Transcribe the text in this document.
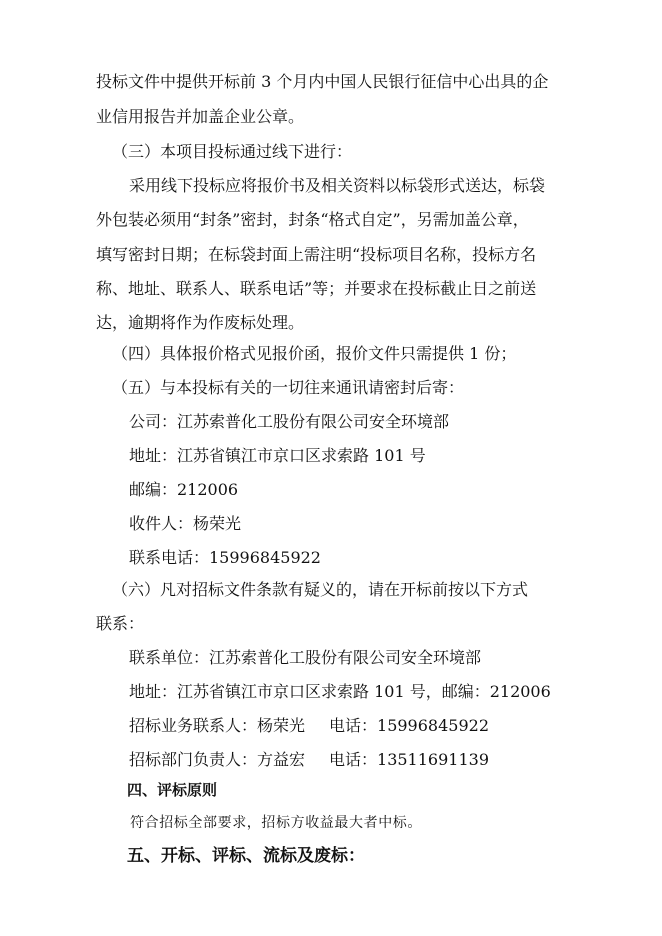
投标文件中提供开标前 3 个月内中国人民银行征信中心出具的企
业信用报告并加盖企业公章。
（三）本项目投标通过线下进行：
采用线下投标应将报价书及相关资料以标袋形式送达，标袋
外包装必须用“封条”密封，封条“格式自定”，另需加盖公章，
填写密封日期；在标袋封面上需注明“投标项目名称，投标方名
称、地址、联系人、联系电话”等；并要求在投标截止日之前送
达，逾期将作为作废标处理。
（四）具体报价格式见报价函，报价文件只需提供 1 份；
（五）与本投标有关的一切往来通讯请密封后寄：
公司：江苏索普化工股份有限公司安全环境部
地址：江苏省镇江市京口区求索路 101 号
邮编：212006
收件人：杨荣光
联系电话：15996845922
（六）凡对招标文件条款有疑义的，请在开标前按以下方式
联系：
联系单位：江苏索普化工股份有限公司安全环境部
地址：江苏省镇江市京口区求索路 101 号，邮编：212006
招标业务联系人：杨荣光 电话：15996845922
招标部门负责人：方益宏 电话：13511691139
四、评标原则
符合招标全部要求，招标方收益最大者中标。
五、开标、评标、流标及废标：
